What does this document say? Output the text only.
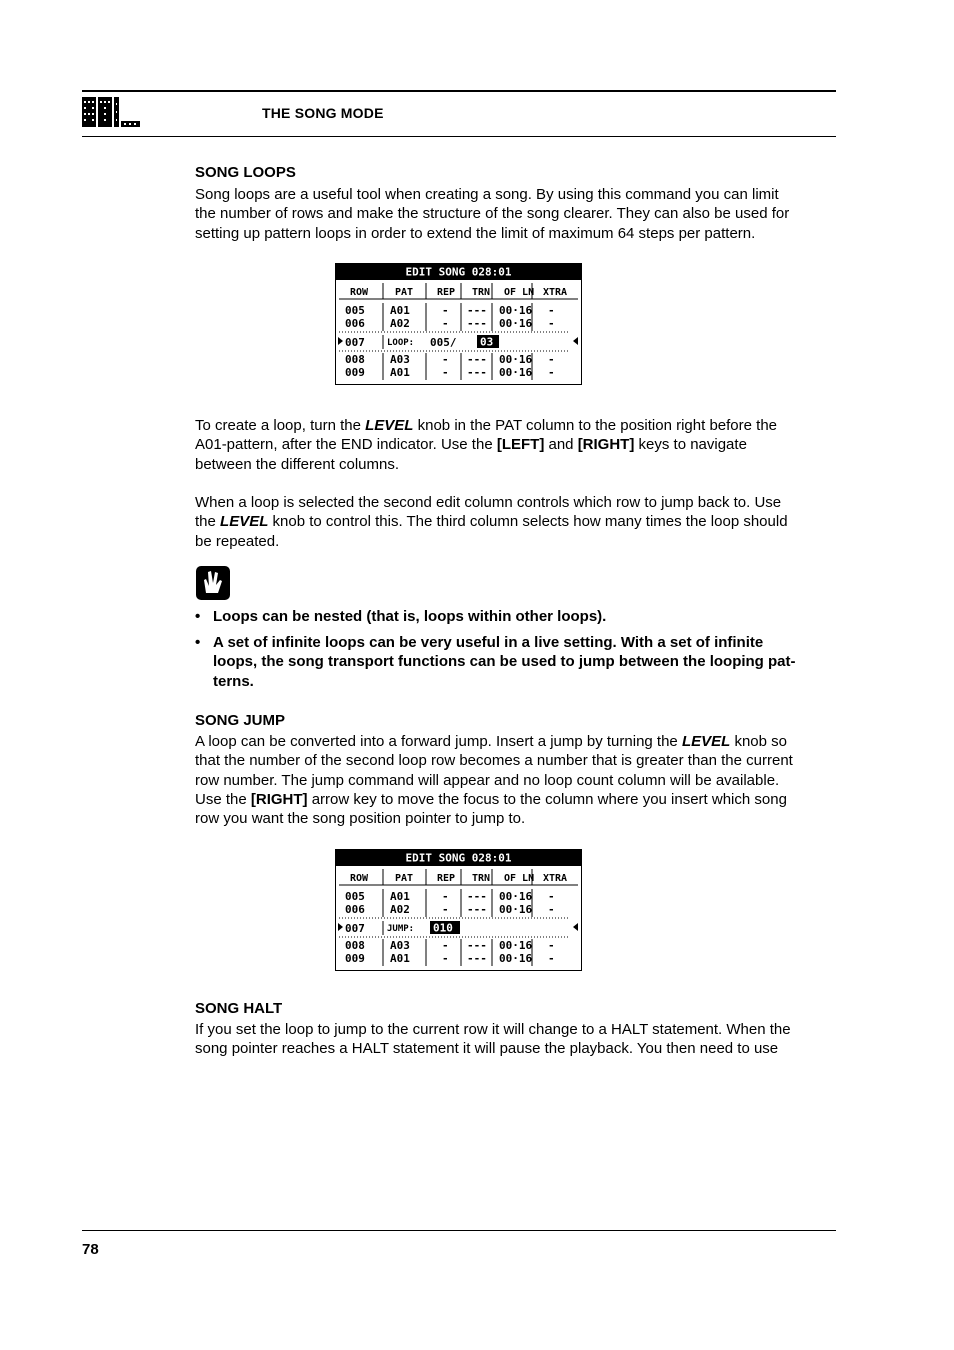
THE SONG MODE
SONG LOOPS
Song loops are a useful tool when creating a song. By using this command you can limit
the number of rows and make the structure of the song clearer. They can also be used for
setting up pattern loops in order to extend the limit of maximum 64 steps per pattern.
EDIT SONG 028:01
ROW	PAT REP TRN OF LN XTRA
005 A01	- --- 00·16 -
006 A02	- --- 00·16 -
007 LOOP: 005/ 03
008 A03	- --- 00·16 -
009 A01	- --- 00·16 -
To create a loop, turn the LEVEL knob in the PAT column to the position right before the
A01-pattern, after the END indicator. Use the [LEFT] and [RIGHT] keys to navigate
between the different columns.
When a loop is selected the second edit column controls which row to jump back to. Use
the LEVEL knob to control this. The third column selects how many times the loop should
be repeated.
• Loops can be nested (that is, loops within other loops).
• A set of infinite loops can be very useful in a live setting. With a set of infinite
loops, the song transport functions can be used to jump between the looping pat-
terns.
SONG JUMP
A loop can be converted into a forward jump. Insert a jump by turning the LEVEL knob so
that the number of the second loop row becomes a number that is greater than the current
row number. The jump command will appear and no loop count column will be available.
Use the [RIGHT] arrow key to move the focus to the column where you insert which song
row you want the song position pointer to jump to.
EDIT SONG 028:01
ROW	PAT REP TRN OF LN XTRA
005 A01	- --- 00·16 -
006 A02	- --- 00·16 -
007 JUMP: 010
008 A03	- --- 00·16 -
009 A01	- --- 00·16 -
SONG HALT
If you set the loop to jump to the current row it will change to a HALT statement. When the
song pointer reaches a HALT statement it will pause the playback. You then need to use
78
